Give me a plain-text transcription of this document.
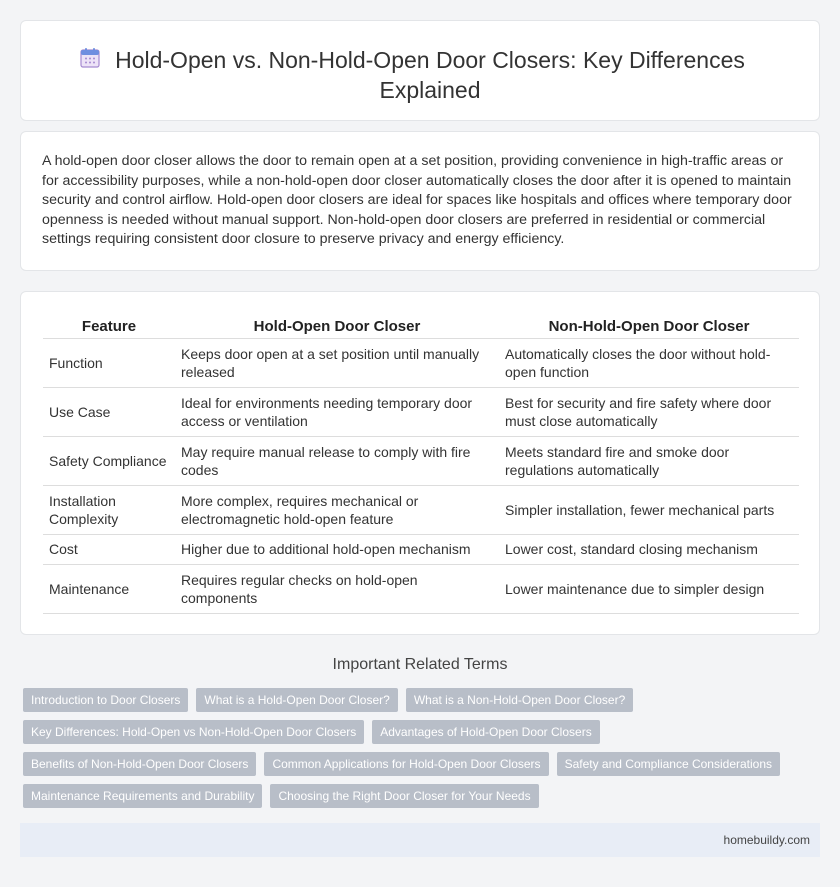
Hold-Open vs. Non-Hold-Open Door Closers: Key Differences Explained

A hold-open door closer allows the door to remain open at a set position, providing convenience in high-traffic areas or for accessibility purposes, while a non-hold-open door closer automatically closes the door after it is opened to maintain security and control airflow. Hold-open door closers are ideal for spaces like hospitals and offices where temporary door openness is needed without manual support. Non-hold-open door closers are preferred in residential or commercial settings requiring consistent door closure to preserve privacy and energy efficiency.

Feature	Hold-Open Door Closer	Non-Hold-Open Door Closer
Function	Keeps door open at a set position until manually released	Automatically closes the door without hold-open function
Use Case	Ideal for environments needing temporary door access or ventilation	Best for security and fire safety where door must close automatically
Safety Compliance	May require manual release to comply with fire codes	Meets standard fire and smoke door regulations automatically
Installation Complexity	More complex, requires mechanical or electromagnetic hold-open feature	Simpler installation, fewer mechanical parts
Cost	Higher due to additional hold-open mechanism	Lower cost, standard closing mechanism
Maintenance	Requires regular checks on hold-open components	Lower maintenance due to simpler design
Important Related Terms
Introduction to Door Closers	What is a Hold-Open Door Closer?	What is a Non-Hold-Open Door Closer?
Key Differences: Hold-Open vs Non-Hold-Open Door Closers	Advantages of Hold-Open Door Closers
Benefits of Non-Hold-Open Door Closers	Common Applications for Hold-Open Door Closers	Safety and Compliance Considerations
Maintenance Requirements and Durability	Choosing the Right Door Closer for Your Needs
homebuildy.com
